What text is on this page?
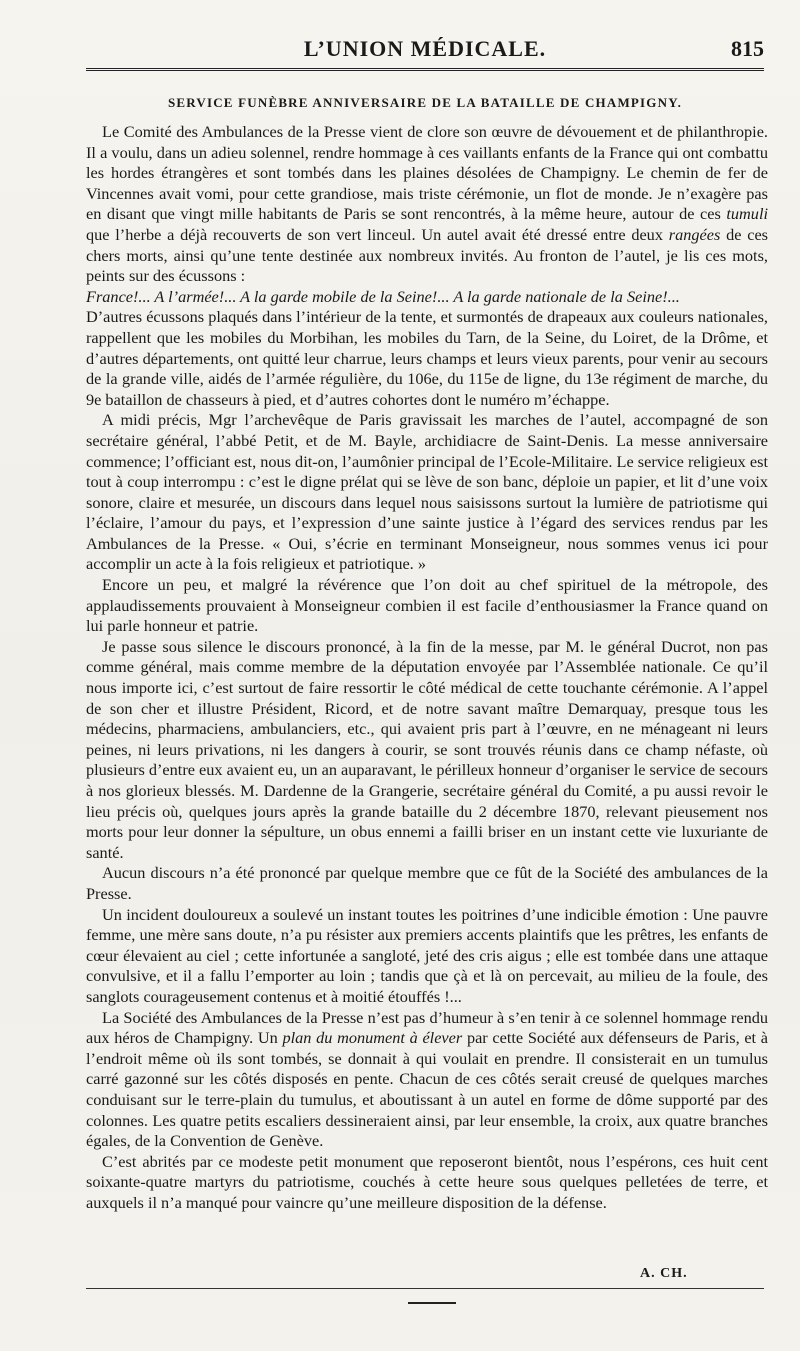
L’UNION MÉDICALE.	815
SERVICE FUNÈBRE ANNIVERSAIRE DE LA BATAILLE DE CHAMPIGNY.

Le Comité des Ambulances de la Presse vient de clore son œuvre de dévouement et de philanthropie. Il a voulu, dans un adieu solennel, rendre hommage à ces vaillants enfants de la France qui ont combattu les hordes étrangères et sont tombés dans les plaines désolées de Champigny. Le chemin de fer de Vincennes avait vomi, pour cette grandiose, mais triste cérémonie, un flot de monde. Je n’exagère pas en disant que vingt mille habitants de Paris se sont rencontrés, à la même heure, autour de ces tumuli que l’herbe a déjà recouverts de son vert linceul. Un autel avait été dressé entre deux rangées de ces chers morts, ainsi qu’une tente destinée aux nombreux invités. Au fronton de l’autel, je lis ces mots, peints sur des écussons :
France!... A l’armée!... A la garde mobile de la Seine!... A la garde nationale de la Seine!...
D’autres écussons plaqués dans l’intérieur de la tente, et surmontés de drapeaux aux couleurs nationales, rappellent que les mobiles du Morbihan, les mobiles du Tarn, de la Seine, du Loiret, de la Drôme, et d’autres départements, ont quitté leur charrue, leurs champs et leurs vieux parents, pour venir au secours de la grande ville, aidés de l’armée régulière, du 106e, du 115e de ligne, du 13e régiment de marche, du 9e bataillon de chasseurs à pied, et d’autres cohortes dont le numéro m’échappe.

A midi précis, Mgr l’archevêque de Paris gravissait les marches de l’autel, accompagné de son secrétaire général, l’abbé Petit, et de M. Bayle, archidiacre de Saint-Denis. La messe anniversaire commence; l’officiant est, nous dit-on, l’aumônier principal de l’Ecole-Militaire. Le service religieux est tout à coup interrompu : c’est le digne prélat qui se lève de son banc, déploie un papier, et lit d’une voix sonore, claire et mesurée, un discours dans lequel nous saisissons surtout la lumière de patriotisme qui l’éclaire, l’amour du pays, et l’expression d’une sainte justice à l’égard des services rendus par les Ambulances de la Presse. « Oui, s’écrie en terminant Monseigneur, nous sommes venus ici pour accomplir un acte à la fois religieux et patriotique. »

Encore un peu, et malgré la révérence que l’on doit au chef spirituel de la métropole, des applaudissements prouvaient à Monseigneur combien il est facile d’enthousiasmer la France quand on lui parle honneur et patrie.

Je passe sous silence le discours prononcé, à la fin de la messe, par M. le général Ducrot, non pas comme général, mais comme membre de la députation envoyée par l’Assemblée nationale. Ce qu’il nous importe ici, c’est surtout de faire ressortir le côté médical de cette touchante cérémonie. A l’appel de son cher et illustre Président, Ricord, et de notre savant maître Demarquay, presque tous les médecins, pharmaciens, ambulanciers, etc., qui avaient pris part à l’œuvre, en ne ménageant ni leurs peines, ni leurs privations, ni les dangers à courir, se sont trouvés réunis dans ce champ néfaste, où plusieurs d’entre eux avaient eu, un an auparavant, le périlleux honneur d’organiser le service de secours à nos glorieux blessés. M. Dardenne de la Grangerie, secrétaire général du Comité, a pu aussi revoir le lieu précis où, quelques jours après la grande bataille du 2 décembre 1870, relevant pieusement nos morts pour leur donner la sépulture, un obus ennemi a failli briser en un instant cette vie luxuriante de santé.

Aucun discours n’a été prononcé par quelque membre que ce fût de la Société des ambulances de la Presse.

Un incident douloureux a soulevé un instant toutes les poitrines d’une indicible émotion : Une pauvre femme, une mère sans doute, n’a pu résister aux premiers accents plaintifs que les prêtres, les enfants de cœur élevaient au ciel ; cette infortunée a sangloté, jeté des cris aigus ; elle est tombée dans une attaque convulsive, et il a fallu l’emporter au loin ; tandis que çà et là on percevait, au milieu de la foule, des sanglots courageusement contenus et à moitié étouffés !...

La Société des Ambulances de la Presse n’est pas d’humeur à s’en tenir à ce solennel hommage rendu aux héros de Champigny. Un plan du monument à élever par cette Société aux défenseurs de Paris, et à l’endroit même où ils sont tombés, se donnait à qui voulait en prendre. Il consisterait en un tumulus carré gazonné sur les côtés disposés en pente. Chacun de ces côtés serait creusé de quelques marches conduisant sur le terre-plain du tumulus, et aboutissant à un autel en forme de dôme supporté par des colonnes. Les quatre petits escaliers dessineraient ainsi, par leur ensemble, la croix, aux quatre branches égales, de la Convention de Genève.

C’est abrités par ce modeste petit monument que reposeront bientôt, nous l’espérons, ces huit cent soixante-quatre martyrs du patriotisme, couchés à cette heure sous quelques pelletées de terre, et auxquels il n’a manqué pour vaincre qu’une meilleure disposition de la défense.

A. CH.
